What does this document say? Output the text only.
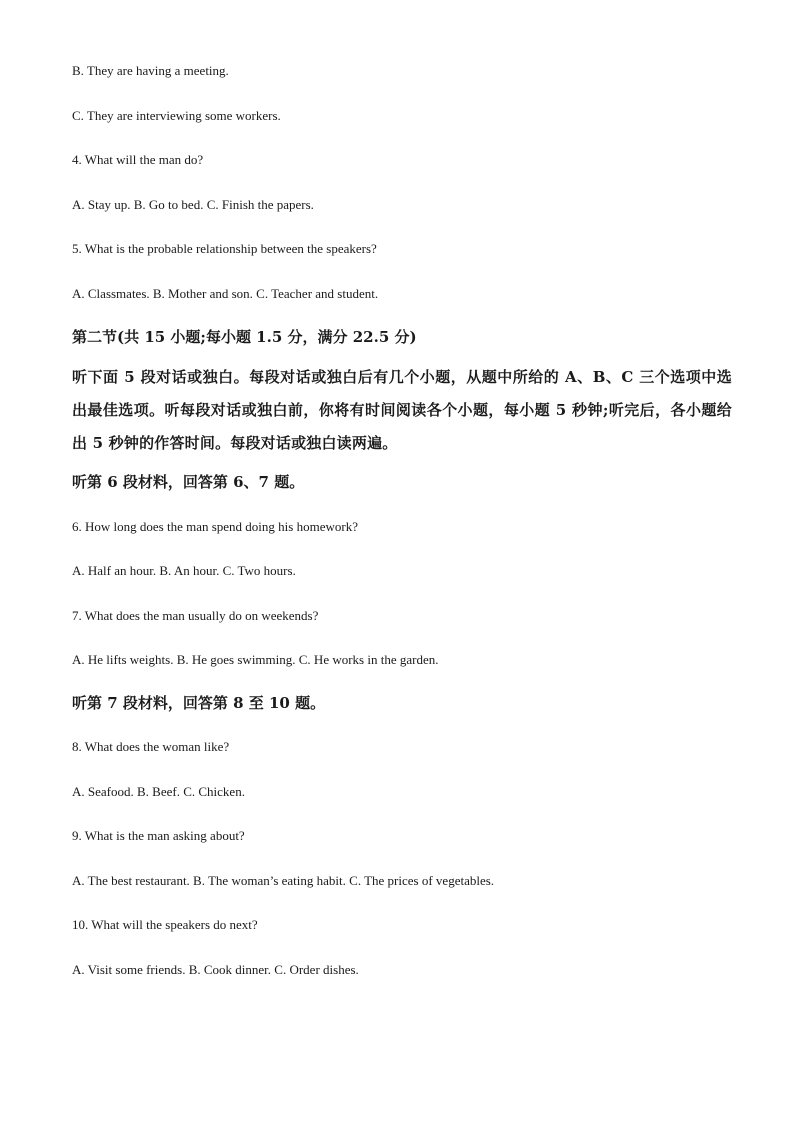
B. They are having a meeting.

C. They are interviewing some workers.

4. What will the man do?

A. Stay up. B. Go to bed. C. Finish the papers.

5. What is the probable relationship between the speakers?

A. Classmates. B. Mother and son. C. Teacher and student.

第二节(共 15 小题;每小题 1.5 分，满分 22.5 分)

听下面 5 段对话或独白。每段对话或独白后有几个小题，从题中所给的 A、B、C 三个选项中选出最佳选项。听每段对话或独白前，你将有时间阅读各个小题，每小题 5 秒钟;听完后，各小题给出 5 秒钟的作答时间。每段对话或独白读两遍。

听第 6 段材料，回答第 6、7 题。

6. How long does the man spend doing his homework?

A. Half an hour. B. An hour. C. Two hours.

7. What does the man usually do on weekends?

A. He lifts weights. B. He goes swimming. C. He works in the garden.

听第 7 段材料，回答第 8 至 10 题。

8. What does the woman like?

A. Seafood. B. Beef. C. Chicken.

9. What is the man asking about?

A. The best restaurant. B. The woman’s eating habit. C. The prices of vegetables.

10. What will the speakers do next?

A. Visit some friends. B. Cook dinner. C. Order dishes.
